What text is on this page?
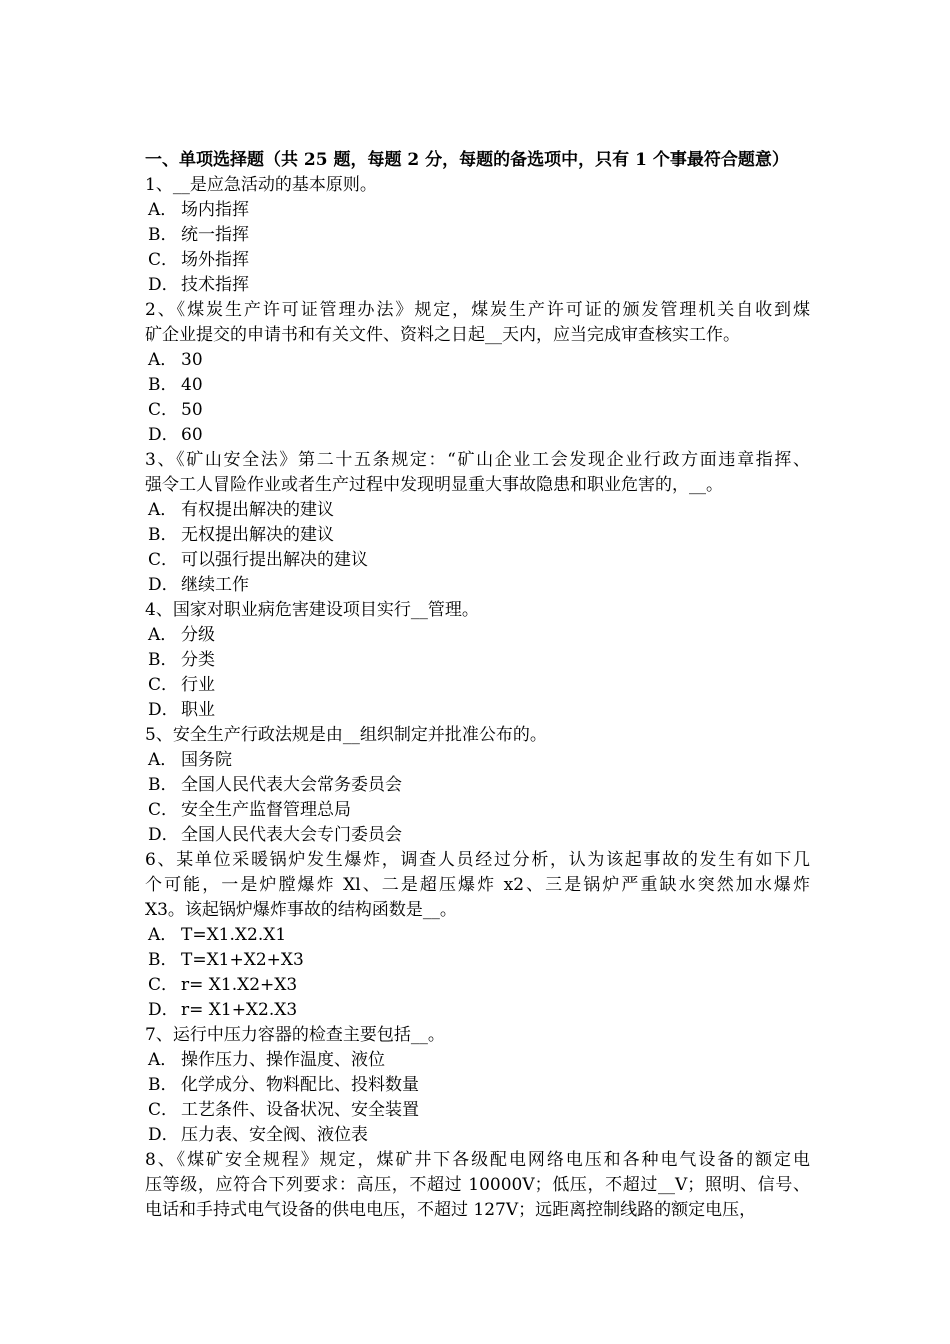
一、单项选择题（共 25 题，每题 2 分，每题的备选项中，只有 1 个事最符合题意）
1、__是应急活动的基本原则。
A． 场内指挥
B． 统一指挥
C． 场外指挥
D． 技术指挥
2、《煤炭生产许可证管理办法》规定，煤炭生产许可证的颁发管理机关自收到煤
矿企业提交的申请书和有关文件、资料之日起__天内，应当完成审查核实工作。
A． 30
B． 40
C． 50
D． 60
3、《矿山安全法》第二十五条规定：“矿山企业工会发现企业行政方面违章指挥、
强令工人冒险作业或者生产过程中发现明显重大事故隐患和职业危害的，__。
A． 有权提出解决的建议
B． 无权提出解决的建议
C． 可以强行提出解决的建议
D． 继续工作
4、国家对职业病危害建设项目实行__管理。
A． 分级
B． 分类
C． 行业
D． 职业
5、安全生产行政法规是由__组织制定并批准公布的。
A． 国务院
B． 全国人民代表大会常务委员会
C． 安全生产监督管理总局
D． 全国人民代表大会专门委员会
6、某单位采暖锅炉发生爆炸，调查人员经过分析，认为该起事故的发生有如下几
个可能，一是炉膛爆炸 Xl、二是超压爆炸 x2、三是锅炉严重缺水突然加水爆炸
X3。该起锅炉爆炸事故的结构函数是__。
A． T=X1.X2.X1
B． T=X1+X2+X3
C． r= X1.X2+X3
D． r= X1+X2.X3
7、运行中压力容器的检查主要包括__。
A． 操作压力、操作温度、液位
B． 化学成分、物料配比、投料数量
C． 工艺条件、设备状况、安全装置
D． 压力表、安全阀、液位表
8、《煤矿安全规程》规定，煤矿井下各级配电网络电压和各种电气设备的额定电
压等级，应符合下列要求：高压，不超过 10000V；低压，不超过__V；照明、信号、
电话和手持式电气设备的供电电压，不超过 127V；远距离控制线路的额定电压，
